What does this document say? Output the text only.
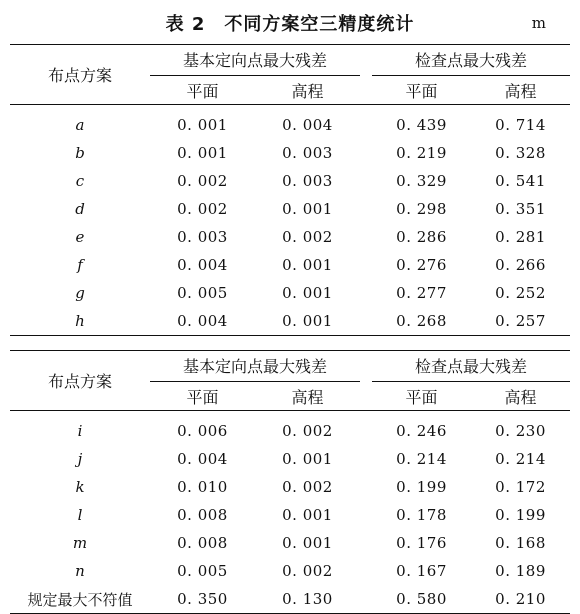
表 2　不同方案空三精度统计	m
布点方案	基本定向点最大残差			检查点最大残差	
	平面	高程		平面	高程
a	0. 001	0. 004		0. 439	0. 714
b	0. 001	0. 003		0. 219	0. 328
c	0. 002	0. 003		0. 329	0. 541
d	0. 002	0. 001		0. 298	0. 351
e	0. 003	0. 002		0. 286	0. 281
f	0. 004	0. 001		0. 276	0. 266
g	0. 005	0. 001		0. 277	0. 252
h	0. 004	0. 001		0. 268	0. 257
布点方案	基本定向点最大残差			检查点最大残差	
	平面	高程		平面	高程
i	0. 006	0. 002		0. 246	0. 230
j	0. 004	0. 001		0. 214	0. 214
k	0. 010	0. 002		0. 199	0. 172
l	0. 008	0. 001		0. 178	0. 199
m	0. 008	0. 001		0. 176	0. 168
n	0. 005	0. 002		0. 167	0. 189
规定最大不符值	0. 350	0. 130		0. 580	0. 210
